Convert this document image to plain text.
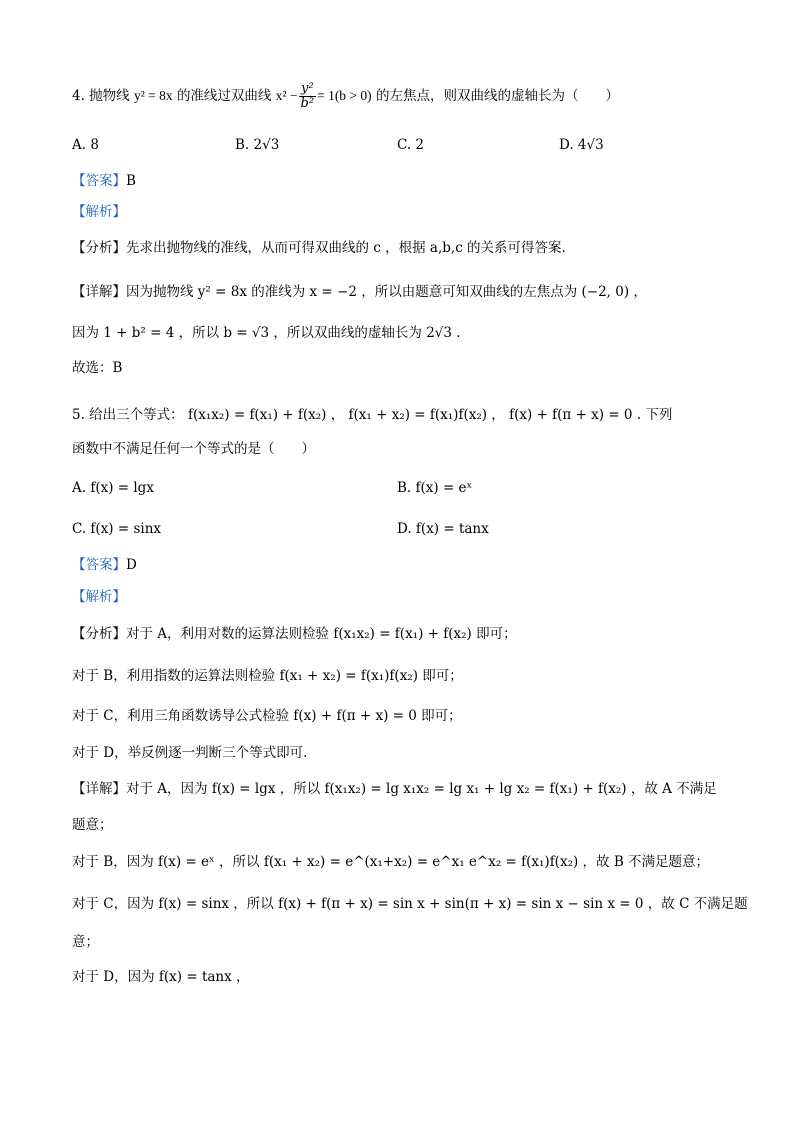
4. 抛物线 y² = 8x 的准线过双曲线 $x^2 - \frac{\text{y²}}{\text{b²}} = 1(b > 0)$ 的左焦点，则双曲线的虚轴长为（　　）
A. 8	B. 2√3	C. 2	D. 4√3
【答案】B
【解析】
【分析】先求出抛物线的准线，从而可得双曲线的 c ，根据 a,b,c 的关系可得答案.
【详解】因为抛物线 y² = 8x 的准线为 x = −2 ，所以由题意可知双曲线的左焦点为 (−2, 0) ，
因为 1 + b² = 4 ，所以 b = √3 ，所以双曲线的虚轴长为 2√3 .
故选：B
5. 给出三个等式： f(x₁x₂) = f(x₁) + f(x₂) ， f(x₁ + x₂) = f(x₁)f(x₂) ， f(x) + f(π + x) = 0 . 下列
函数中不满足任何一个等式的是（　　）
A. f(x) = lgx	B. f(x) = eˣ
C. f(x) = sinx	D. f(x) = tanx
【答案】D
【解析】
【分析】对于 A，利用对数的运算法则检验 f(x₁x₂) = f(x₁) + f(x₂) 即可；
对于 B，利用指数的运算法则检验 f(x₁ + x₂) = f(x₁)f(x₂) 即可；
对于 C，利用三角函数诱导公式检验 f(x) + f(π + x) = 0 即可；
对于 D，举反例逐一判断三个等式即可.
【详解】对于 A，因为 f(x) = lgx ，所以 f(x₁x₂) = lg x₁x₂ = lg x₁ + lg x₂ = f(x₁) + f(x₂) ，故 A 不满足
题意；
对于 B，因为 f(x) = eˣ ，所以 f(x₁ + x₂) = e^(x₁+x₂) = e^x₁ e^x₂ = f(x₁)f(x₂) ，故 B 不满足题意；
对于 C，因为 f(x) = sinx ，所以 f(x) + f(π + x) = sin x + sin(π + x) = sin x − sin x = 0 ，故 C 不满足题
意；
对于 D，因为 f(x) = tanx ，
